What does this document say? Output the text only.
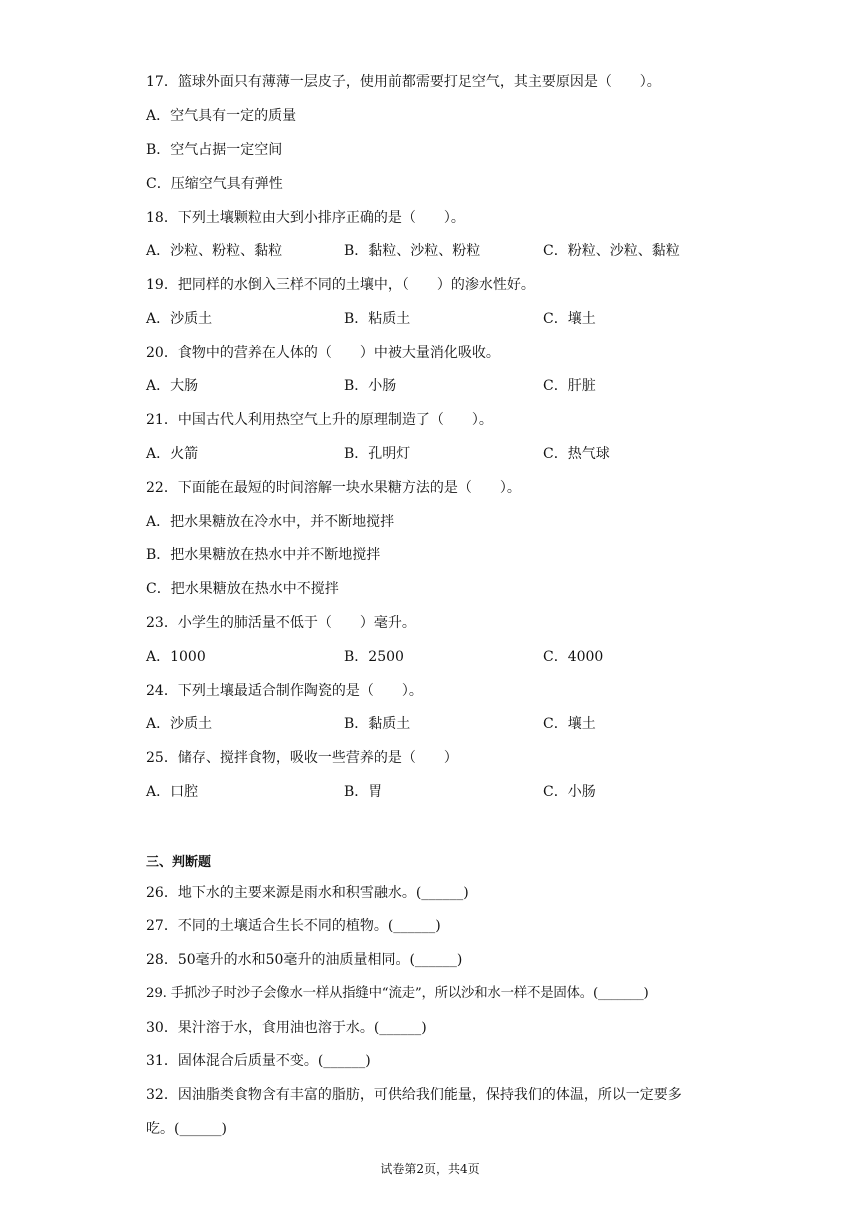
17．篮球外面只有薄薄一层皮子，使用前都需要打足空气，其主要原因是（　　）。
A．空气具有一定的质量
B．空气占据一定空间
C．压缩空气具有弹性
18．下列土壤颗粒由大到小排序正确的是（　　）。
A．沙粒、粉粒、黏粒	B．黏粒、沙粒、粉粒	C．粉粒、沙粒、黏粒
19．把同样的水倒入三样不同的土壤中，（　　）的渗水性好。
A．沙质土	B．粘质土	C．壤土
20．食物中的营养在人体的（　　）中被大量消化吸收。
A．大肠	B．小肠	C．肝脏
21．中国古代人利用热空气上升的原理制造了（　　）。
A．火箭	B．孔明灯	C．热气球
22．下面能在最短的时间溶解一块水果糖方法的是（　　）。
A．把水果糖放在冷水中，并不断地搅拌
B．把水果糖放在热水中并不断地搅拌
C．把水果糖放在热水中不搅拌
23．小学生的肺活量不低于（　　）毫升。
A．1000	B．2500	C．4000
24．下列土壤最适合制作陶瓷的是（　　）。
A．沙质土	B．黏质土	C．壤土
25．储存、搅拌食物，吸收一些营养的是（　　）
A．口腔	B．胃	C．小肠
三、判断题
26．地下水的主要来源是雨水和积雪融水。(______)
27．不同的土壤适合生长不同的植物。(______)
28．50毫升的水和50毫升的油质量相同。(______)
29. 手抓沙子时沙子会像水一样从指缝中“流走”，所以沙和水一样不是固体。(_______)
30．果汁溶于水，食用油也溶于水。(______)
31．固体混合后质量不变。(______)
32．因油脂类食物含有丰富的脂肪，可供给我们能量，保持我们的体温，所以一定要多
吃。(______)
试卷第2页，共4页
